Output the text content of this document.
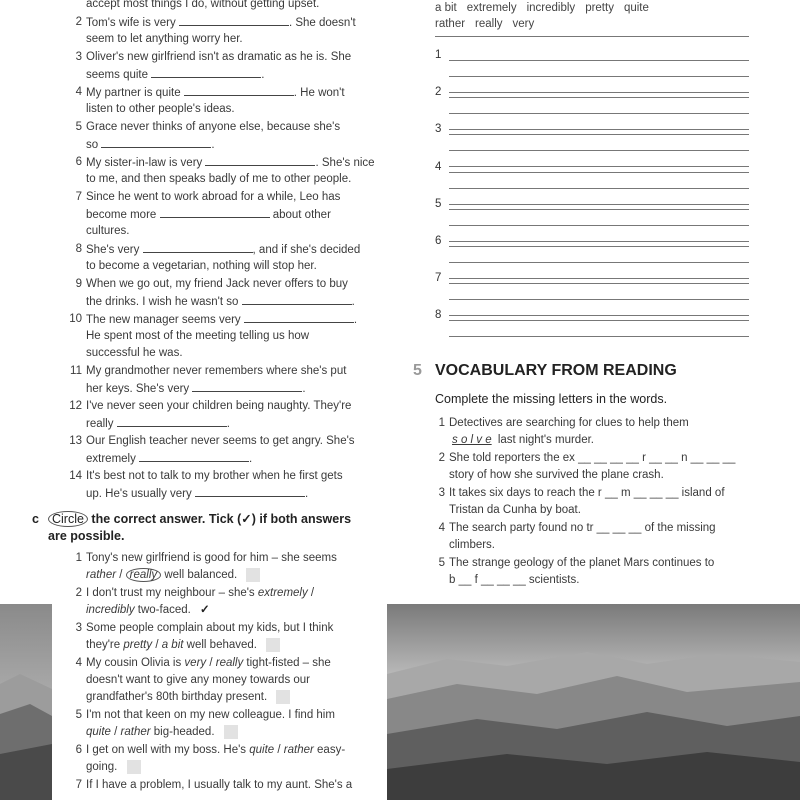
accept most things I do, without getting upset.
2 Tom's wife is very	. She doesn't
seem to let anything worry her.
3 Oliver's new girlfriend isn't as dramatic as he is. She
seems quite	.
4 My partner is quite	. He won't
listen to other people's ideas.
5 Grace never thinks of anyone else, because she's
so	.
6 My sister-in-law is very	. She's nice
to me, and then speaks badly of me to other people.
7 Since he went to work abroad for a while, Leo has
become more	about other
cultures.
8 She's very	, and if she's decided
to become a vegetarian, nothing will stop her.
9 When we go out, my friend Jack never offers to buy
the drinks. I wish he wasn't so	.
10 The new manager seems very	.
He spent most of the meeting telling us how
successful he was.
11 My grandmother never remembers where she's put
her keys. She's very	.
12 I've never seen your children being naughty. They're
really	.
13 Our English teacher never seems to get angry. She's
extremely	.
14 It's best not to talk to my brother when he first gets
up. He's usually very	.
c Circle the correct answer. Tick (✓) if both answers
are possible.
1 Tony's new girlfriend is good for him – she seems
rather / really well balanced.
2 I don't trust my neighbour – she's extremely /
incredibly two-faced. ✓
3 Some people complain about my kids, but I think
they're pretty / a bit well behaved.
4 My cousin Olivia is very / really tight-fisted – she
doesn't want to give any money towards our
grandfather's 80th birthday present.
5 I'm not that keen on my new colleague. I find him
quite / rather big-headed.
6 I get on well with my boss. He's quite / rather easy-
going.
7 If I have a problem, I usually talk to my aunt. She's a
a bit extremely incredibly pretty quite
rather really very
1
2
3
4
5
6
7
8
5 VOCABULARY FROM READING
Complete the missing letters in the words.
1 Detectives are searching for clues to help them
s o l v e last night's murder.
2 She told reporters the ex __ __ __ __ r __ __ n __ __ __
story of how she survived the plane crash.
3 It takes six days to reach the r __ m __ __ __ island of
Tristan da Cunha by boat.
4 The search party found no tr __ __ __ of the missing
climbers.
5 The strange geology of the planet Mars continues to
b __ f __ __ __ scientists.
